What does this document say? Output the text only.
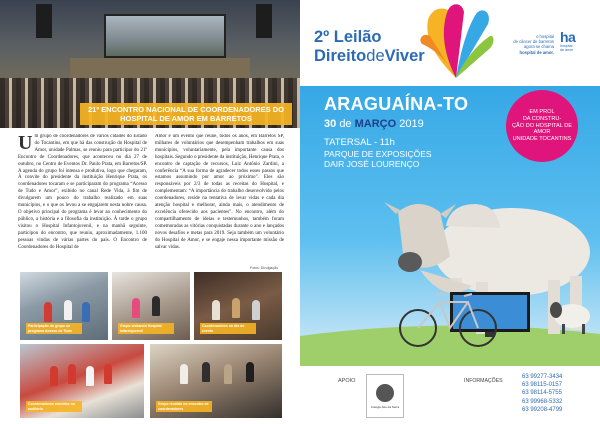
21º ENCONTRO NACIONAL DE COORDENADORES DO HOSPITAL DE AMOR EM BARRETOS
U m grupo de coordenadores de vários cidades do Estado do Tocantins, em que há das construção do Hospital de Amor, unidade Palmas, se reuniu para participar do 21º Encontro de Coordenadores, que aconteceu no dia 27 de outubro, no Centro de Eventos Dr. Paulo Prata, em Barretos/SP. A agenda do grupo foi intensa e produtiva, logo que chegaram, À convite do presidente da instituição Henrique Prata, os coordenadores tocaram e se participaram do programa “Acesso de Tudo e Amor”, exibido no canal Rede Vida, à fim de divulgarem um pouco do trabalho realizado em suas municípios, e o que os levou a se engajarem nesta nobre causa. O objetivo principal do programa é levar ao conhecimento do público, a história e a filosofia da instituição. À tarde o grupo visitou o Hospital Infantojuvenil, e na manhã seguinte, participou do encontro, que reuniu, aproximadamente, 1.100 pessoas vindas de várias partes do país. O Encontro de Coordenadores do Hospital de
Amor é um evento que reúne, todos os anos, em Barretos SP, milhares de voluntários que desempenham trabalhos em suas municípios, voluntariamente, pela importante causa dos hospitais. Segundo o presidente da instituição, Henrique Prata, o encontro de captação de recursos, Luiz Antônio Zardini, a conferência “A sua forma de agradecer todos esses passos que estamos assumindo por amor ao próximo”. Eles são responsáveis por 2/3 de todas as receitas do Hospital, e complementam: “A importância do trabalho desenvolvido pelos coordenadores, reside na tentativa de levar vidas e cada dia atenção hospital e melhorar, ainda mais, o atendimento de excelência oferecido aos pacientes”. No encontro, além do compartilhamento de ideias e testemunhos, também foram comemoradas as vitórias conquistadas durante o ano e lançados novos desafios e metas para 2019. Seja também um voluntário do Hospital de Amor, e se engaje nessa importante missão de salvar vidas.
Fotos: Divulgação
Participação do grupo no programa Acesso de Tudo
Grupo visitando Hospital Infantojuvenil
Coordenadores no dia do evento
Coordenadores reunidos no auditório
Grupo reunido no encontro de coordenadores
2º Leilão
DireitodeViver
o hospital
de câncer de barretos
agora se chama
hospital de amor.
ha
hospital
de amor
ARAGUAÍNA-TO
30 de MARÇO 2019
TATERSAL - 11h
PARQUE DE EXPOSIÇÕES
DAIR JOSÉ LOURENÇO
EM PROL
DA CONSTRU-
ÇÃO DO HOSPITAL DE AMOR
UNIDADE TOCANTINS
APOIO
Colégio Alto da Serra
INFORMAÇÕES
63 99277-3434
63 98115-0157
63 98114-5755
63 99968-5332
63 99208-4799
